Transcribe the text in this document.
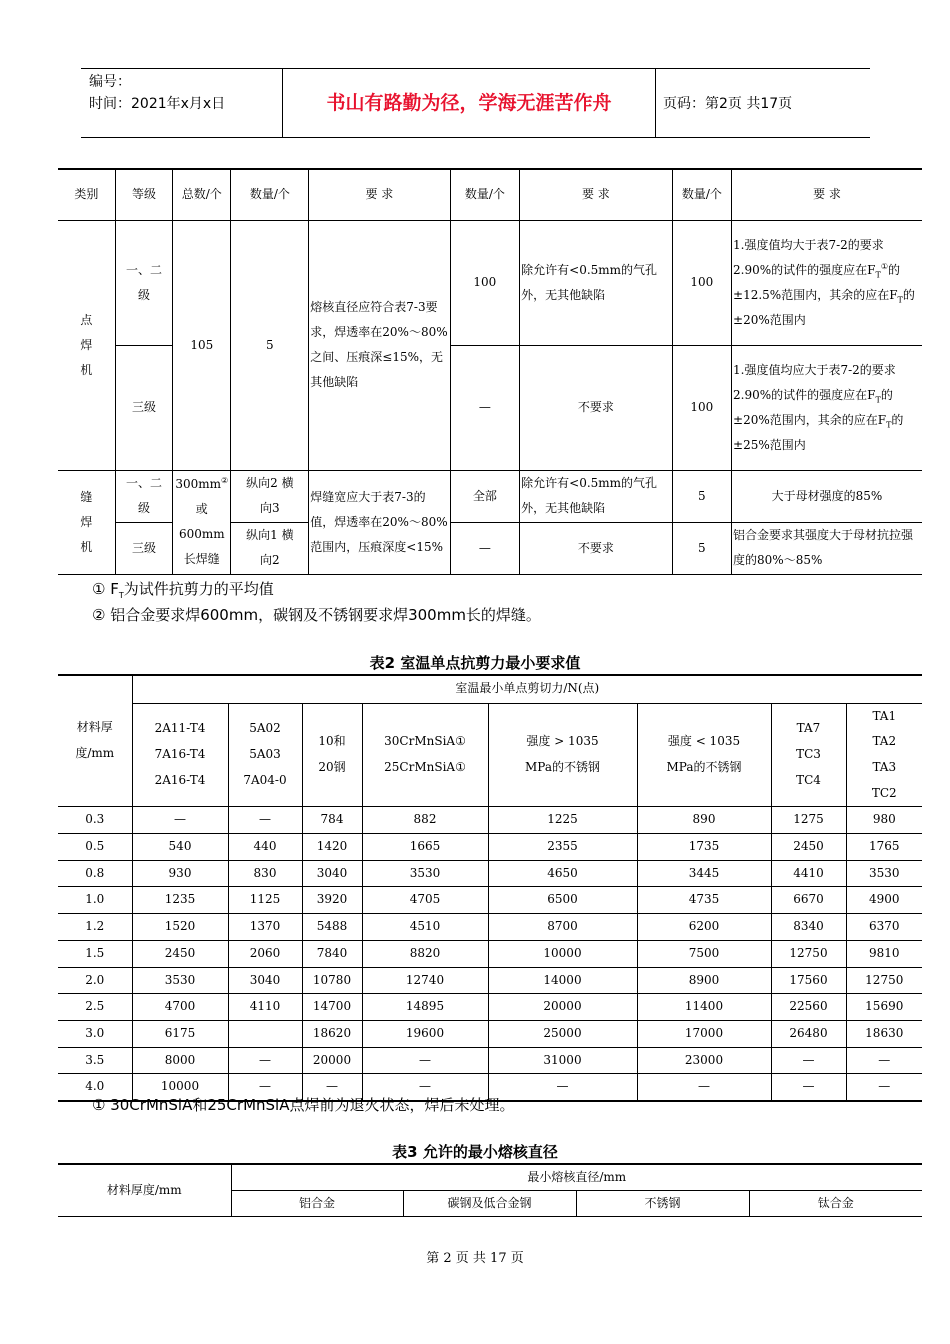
编号：
时间：2021年x月x日	书山有路勤为径，学海无涯苦作舟	页码：第2页 共17页
类别	等级	总数/个	数量/个	要 求	数量/个	要 求	数量/个	要 求
点焊机	一、二级	105	5	熔核直径应符合表7-3要求，焊透率在20%～80%之间、压痕深≤15%，无其他缺陷	100	除允许有<0.5mm的气孔外，无其他缺陷	100	1.强度值均大于表7-2的要求
2.90%的试件的强度应在$F_T^①$的±12.5%范围内，其余的应在$F_T$的±20%范围内

	三级				—	不要求	100	1.强度值均应大于表7-2的要求
2.90%的试件的强度应在$F_T$的±20%范围内，其余的应在$F_T$的±25%范围内

缝焊机	一、二级	300mm②或600mm长焊缝	纵向2 横向3	焊缝宽应大于表7-3的值，焊透率在20%～80%范围内，压痕深度<15%	全部	除允许有<0.5mm的气孔外，无其他缺陷	5	大于母材强度的85%
	三级		纵向1 横向2		—	不要求	5	铝合金要求其强度大于母材抗拉强度的80%～85%
① $F_T$为试件抗剪力的平均值
② 铝合金要求焊600mm，碳钢及不锈钢要求焊300mm长的焊缝。
表2 室温单点抗剪力最小要求值
材料厚度/mm	室温最小单点剪切力/N(点)							
	2A11-T4 7A16-T4 2A16-T4	5A02 5A03 7A04-0	10和 20钢	30CrMnSiA① 25CrMnSiA①	强度 > 1035 MPa的不锈钢	强度 < 1035 MPa的不锈钢	TA7 TC3 TC4	TA1 TA2 TA3 TC2
0.3	—	—	784	882	1225	890	1275	980
0.5	540	440	1420	1665	2355	1735	2450	1765
0.8	930	830	3040	3530	4650	3445	4410	3530
1.0	1235	1125	3920	4705	6500	4735	6670	4900
1.2	1520	1370	5488	4510	8700	6200	8340	6370
1.5	2450	2060	7840	8820	10000	7500	12750	9810
2.0	3530	3040	10780	12740	14000	8900	17560	12750
2.5	4700	4110	14700	14895	20000	11400	22560	15690
3.0	6175		18620	19600	25000	17000	26480	18630
3.5	8000	—	20000	—	31000	23000	—	—
4.0	10000	—	—	—	—	—	—	—
① 30CrMnSiA和25CrMnSiA点焊前为退火状态，焊后未处理。
表3 允许的最小熔核直径
材料厚度/mm	最小熔核直径/mm			
	铝合金	碳钢及低合金钢	不锈钢	钛合金
第 2 页 共 17 页
